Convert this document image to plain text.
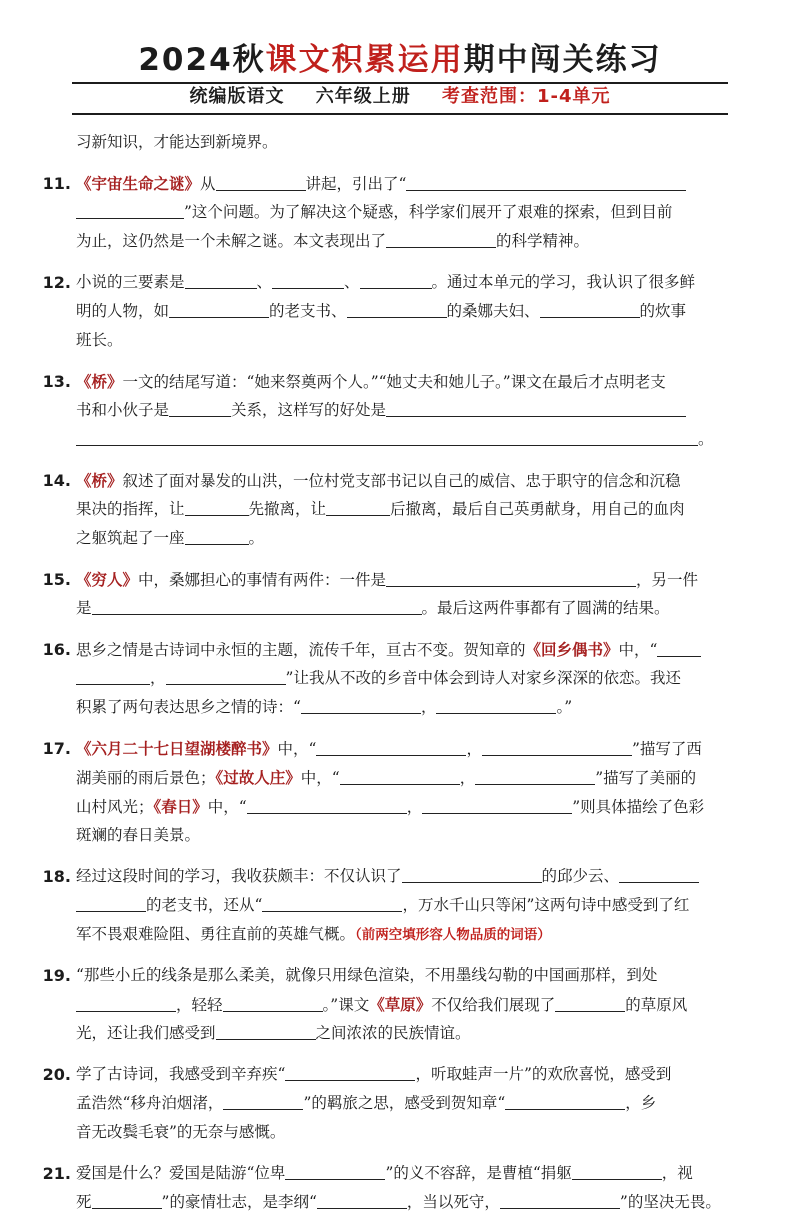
2024秋课文积累运用期中闯关练习
统编版语文 六年级上册 考查范围：1-4单元
习新知识，才能达到新境界。
11. 《宇宙生命之谜》从	讲起，引出了“
”这个问题。为了解决这个疑惑，科学家们展开了艰难的探索，但到目前
为止，这仍然是一个未解之谜。本文表现出了	的科学精神。
12. 小说的三要素是	、	、	。通过本单元的学习，我认识了很多鲜
明的人物，如	的老支书、	的桑娜夫妇、	的炊事
班长。
13. 《桥》一文的结尾写道：“她来祭奠两个人。”“她丈夫和她儿子。”课文在最后才点明老支
书和小伙子是	关系，这样写的好处是
。
14. 《桥》叙述了面对暴发的山洪，一位村党支部书记以自己的威信、忠于职守的信念和沉稳
果决的指挥，让	先撤离，让	后撤离，最后自己英勇献身，用自己的血肉
之躯筑起了一座	。
15. 《穷人》中，桑娜担心的事情有两件：一件是	，另一件
是	。最后这两件事都有了圆满的结果。
16. 思乡之情是古诗词中永恒的主题，流传千年，亘古不变。贺知章的《回乡偶书》中，“
，	”让我从不改的乡音中体会到诗人对家乡深深的依恋。我还
积累了两句表达思乡之情的诗：“	，	。”
17. 《六月二十七日望湖楼醉书》中，“	，	”描写了西
湖美丽的雨后景色；《过故人庄》中，“	，	”描写了美丽的
山村风光；《春日》中，“	，	”则具体描绘了色彩
斑斓的春日美景。
18. 经过这段时间的学习，我收获颇丰：不仅认识了	的邱少云、
的老支书，还从“	，万水千山只等闲”这两句诗中感受到了红
军不畏艰难险阻、勇往直前的英雄气概。（前两空填形容人物品质的词语）
19. “那些小丘的线条是那么柔美，就像只用绿色渲染，不用墨线勾勒的中国画那样，到处
，轻轻	。”课文《草原》不仅给我们展现了	的草原风
光，还让我们感受到	之间浓浓的民族情谊。
20. 学了古诗词，我感受到辛弃疾“	，听取蛙声一片”的欢欣喜悦，感受到
孟浩然“移舟泊烟渚，	”的羁旅之思，感受到贺知章“	，乡
音无改鬓毛衰”的无奈与感慨。
21. 爱国是什么？爱国是陆游“位卑	”的义不容辞，是曹植“捐躯	，视
死	”的豪情壮志，是李纲“	，当以死守，	”的坚决无畏。
